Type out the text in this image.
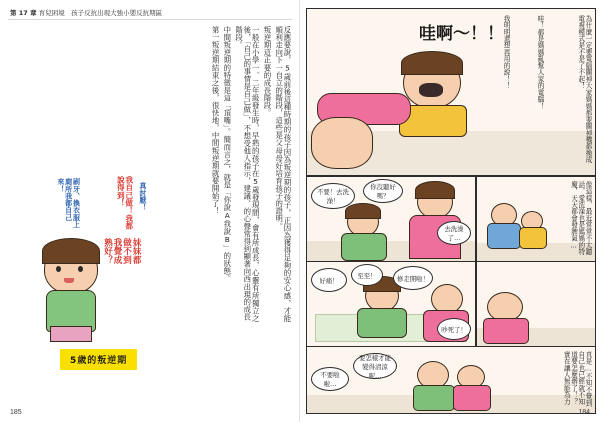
第 17 章 育兒困境　孩子反抗出現大強小嬰反抗期區
第一叛逆期結束之後，很快地，中間叛逆期就要開始了！ 中間叛逆期的特徵是這「頂嘴」。簡而言之，就是「你說A我說B」的狀態。	一般在小學一、二年級發生時，早熟的孩子在5歲發現間，會有所成長，心靈有所獨立之後，「自己的事情是自己做」，不想受他人指示，建議、的心聲常得到顯著向西出現的成長階段。	叛逆期這正要的成長階段。	反應要說，5歲前後這種時期的孩子因為叛逆期的孩子，正因為獲得足夠的安心感，才能順利走向下一自立的階段，這些是父母母好培育孩子的證明。
我自己做！我都說得到！
妹妹都做不到我覺成熟好？
真討厭！
刷牙、換衣服上廁所我都自己來！
5歲的叛逆期
185
為什麼一定要電腦關掉大家媽媽都要關掉機都換成電視模式是不是了不起！
哇！都是媽媽亂幫人家的電腦！
我明明還想再用的說！！
哇啊～！！
不要！去洗澡！
你沒聽好嗎？
去洗澡了…	像這樣，最近常常不太聽話，愛洗澡也是媽媽的特魔，天天都會發脾氣…
好痛！
至至！	修走開啦！
吵死了！
真是…不知不覺到自己也已經就不知道要怎麼辦了！？實在讓人無能為力
要怎樣才能變得清涼呢…
不要啦啦…
184
